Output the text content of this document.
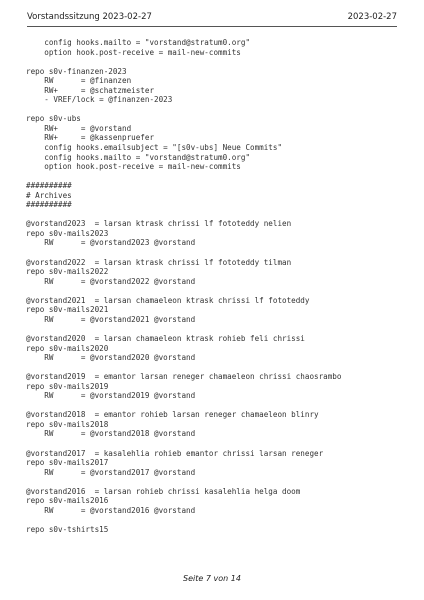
Vorstandssitzung 2023-02-27	2023-02-27
config hooks.mailto = "vorstand@stratum0.org"
option hook.post-receive = mail-new-commits
repo s0v-finanzen-2023
RW      = @finanzen
RW+     = @schatzmeister
- VREF/lock = @finanzen-2023
repo s0v-ubs
RW+     = @vorstand
RW+     = @kassenpruefer
config hooks.emailsubject = "[s0v-ubs] Neue Commits"
config hooks.mailto = "vorstand@stratum0.org"
option hook.post-receive = mail-new-commits
##########
# Archives
##########
@vorstand2023  = larsan ktrask chrissi lf fototeddy nelien
repo s0v-mails2023
RW      = @vorstand2023 @vorstand
@vorstand2022  = larsan ktrask chrissi lf fototeddy tilman
repo s0v-mails2022
RW      = @vorstand2022 @vorstand
@vorstand2021  = larsan chamaeleon ktrask chrissi lf fototeddy
repo s0v-mails2021
RW      = @vorstand2021 @vorstand
@vorstand2020  = larsan chamaeleon ktrask rohieb feli chrissi
repo s0v-mails2020
RW      = @vorstand2020 @vorstand
@vorstand2019  = emantor larsan reneger chamaeleon chrissi chaosrambo
repo s0v-mails2019
RW      = @vorstand2019 @vorstand
@vorstand2018  = emantor rohieb larsan reneger chamaeleon blinry
repo s0v-mails2018
RW      = @vorstand2018 @vorstand
@vorstand2017  = kasalehlia rohieb emantor chrissi larsan reneger
repo s0v-mails2017
RW      = @vorstand2017 @vorstand
@vorstand2016  = larsan rohieb chrissi kasalehlia helga doom
repo s0v-mails2016
RW      = @vorstand2016 @vorstand
repo s0v-tshirts15
Seite 7 von 14
